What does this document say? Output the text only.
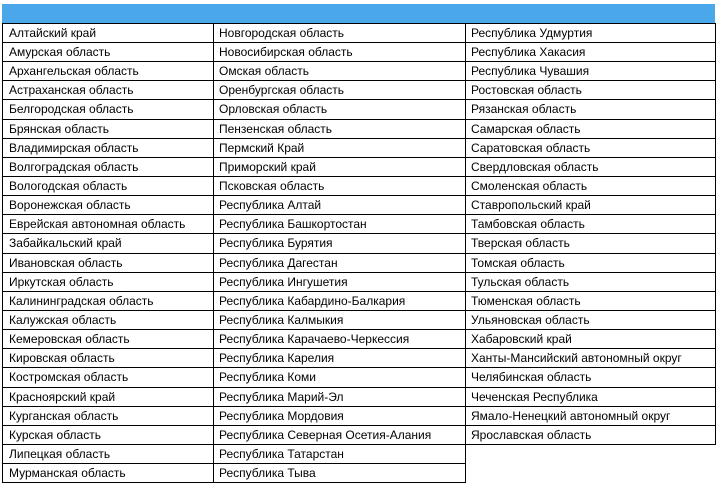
Алтайский край
Амурская область
Архангельская область
Астраханская область
Белгородская область
Брянская область
Владимирская область
Волгоградская область
Вологодская область
Воронежская область
Еврейская автономная область
Забайкальский край
Ивановская область
Иркутская область
Калининградская область
Калужская область
Кемеровская область
Кировская область
Костромская область
Красноярский край
Курганская область
Курская область
Липецкая область
Мурманская область
Новгородская область
Новосибирская область
Омская область
Оренбургская область
Орловская область
Пензенская область
Пермский Край
Приморский край
Псковская область
Республика Алтай
Республика Башкортостан
Республика Бурятия
Республика Дагестан
Республика Ингушетия
Республика Кабардино-Балкария
Республика Калмыкия
Республика Карачаево-Черкессия
Республика Карелия
Республика Коми
Республика Марий-Эл
Республика Мордовия
Республика Северная Осетия-Алания
Республика Татарстан
Республика Тыва
Республика Удмуртия
Республика Хакасия
Республика Чувашия
Ростовская область
Рязанская область
Самарская область
Саратовская область
Свердловская область
Смоленская область
Ставропольский край
Тамбовская область
Тверская область
Томская область
Тульская область
Тюменская область
Ульяновская область
Хабаровский край
Ханты-Мансийский автономный округ
Челябинская область
Чеченская Республика
Ямало-Ненецкий автономный округ
Ярославская область
